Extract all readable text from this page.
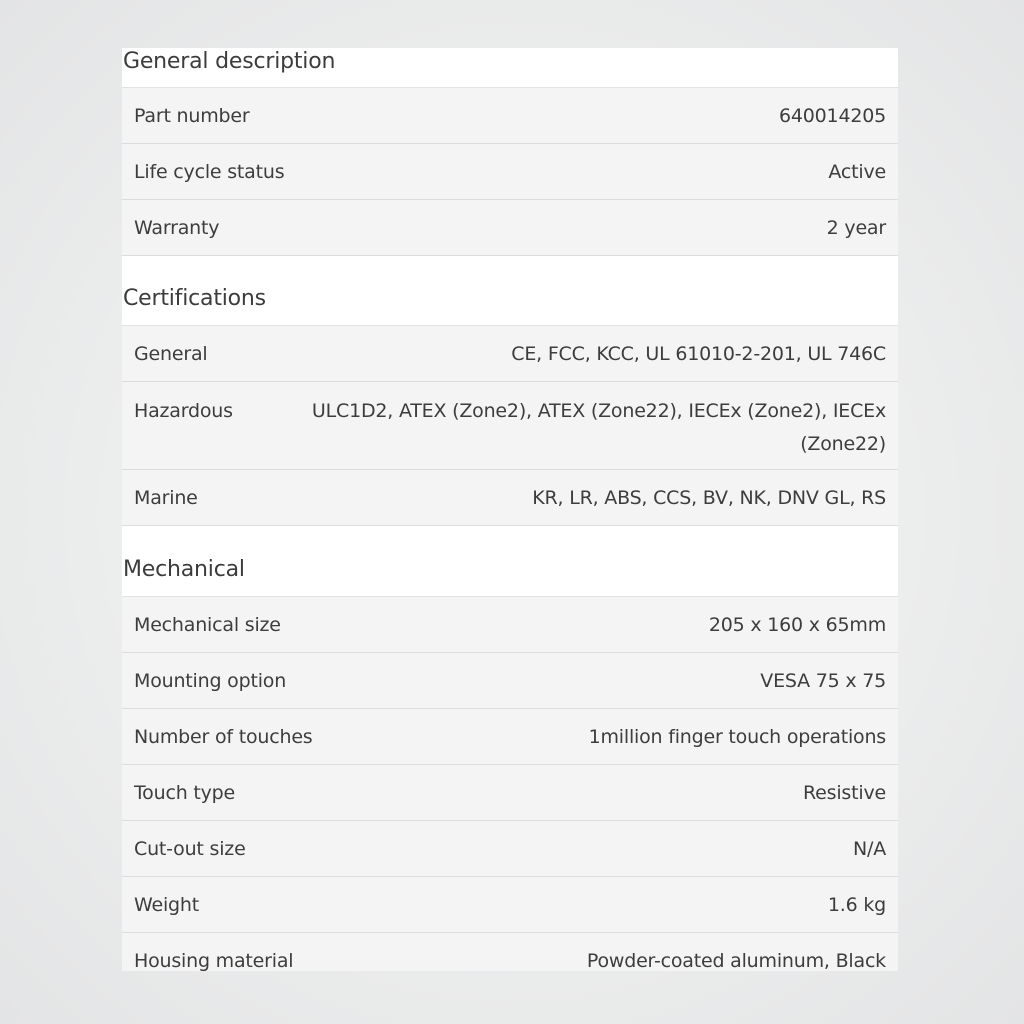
General description
Part number	640014205
Life cycle status	Active
Warranty	2 year
Certifications
General	CE, FCC, KCC, UL 61010-2-201, UL 746C
Hazardous	ULC1D2, ATEX (Zone2), ATEX (Zone22), IECEx (Zone2), IECEx (Zone22)
Marine	KR, LR, ABS, CCS, BV, NK, DNV GL, RS
Mechanical
Mechanical size	205 x 160 x 65mm
Mounting option	VESA 75 x 75
Number of touches	1million finger touch operations
Touch type	Resistive
Cut-out size	N/A
Weight	1.6 kg
Housing material	Powder-coated aluminum, Black
